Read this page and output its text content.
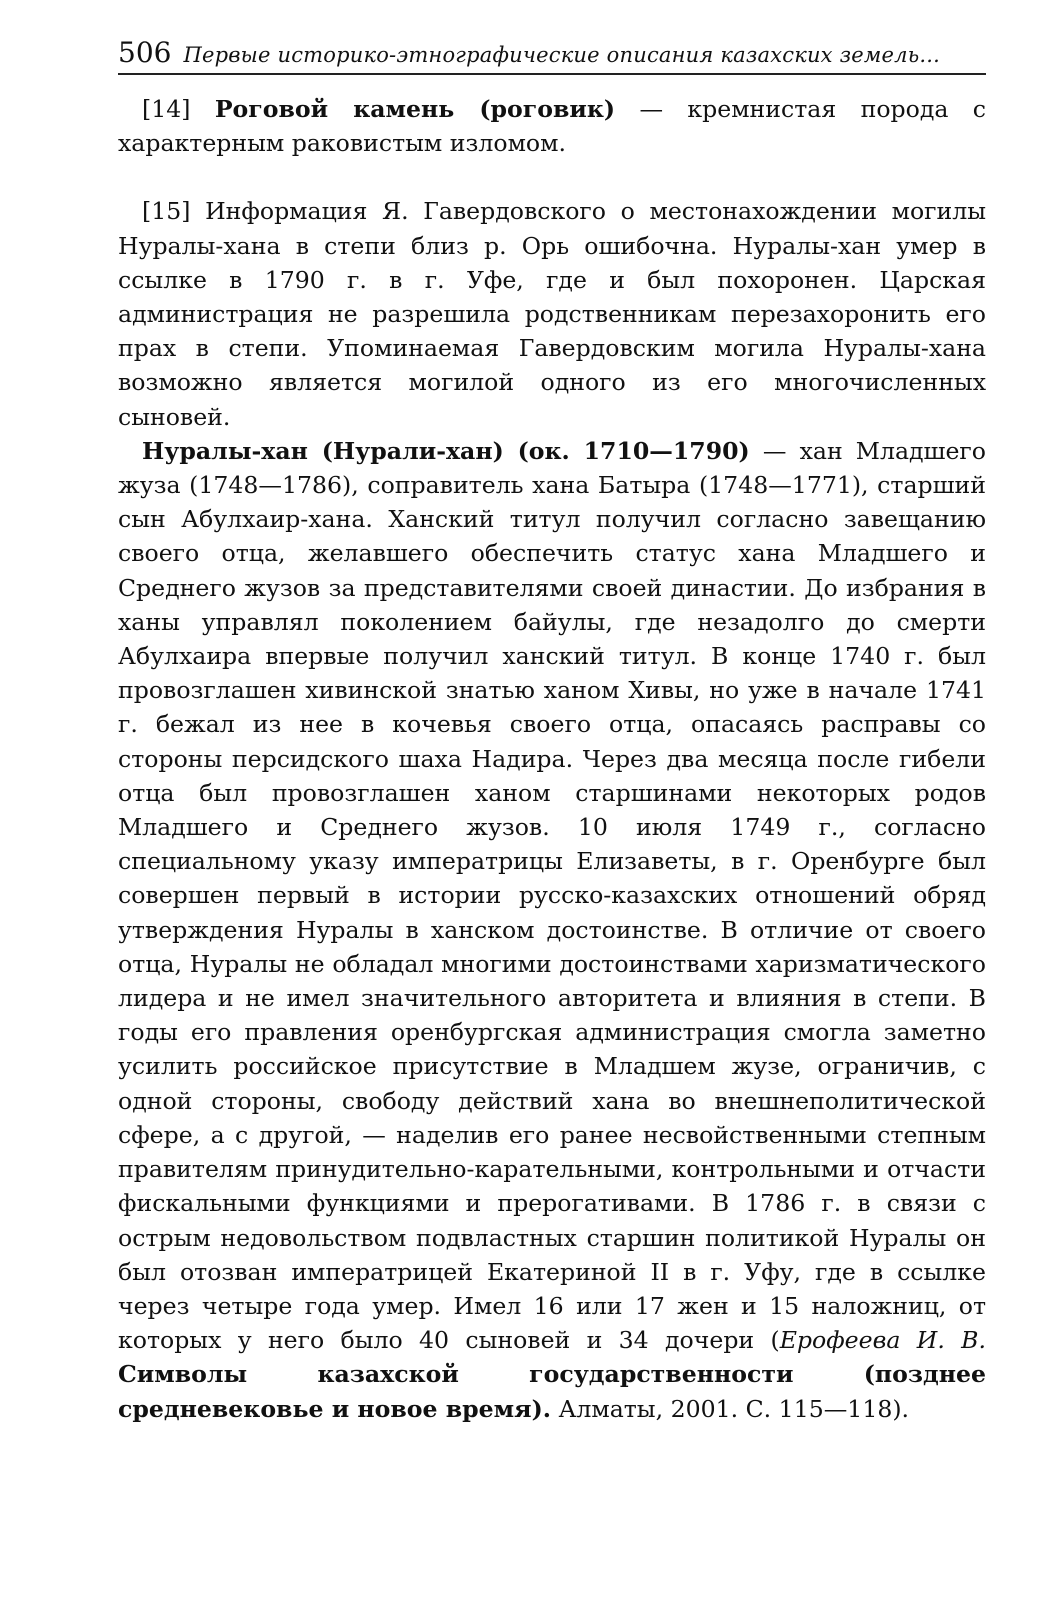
506 Первые историко-этнографические описания казахских земель...

[14] Роговой камень (роговик) — кремнистая порода с характерным раковистым изломом.

[15] Информация Я. Гавердовского о местонахождении могилы Нуралы-хана в степи близ р. Орь ошибочна. Нуралы-хан умер в ссылке в 1790 г. в г. Уфе, где и был похоронен. Царская администрация не разрешила родственникам перезахоронить его прах в степи. Упоминаемая Гавердовским могила Нуралы-хана возможно является могилой одного из его многочисленных сыновей.

Нуралы-хан (Нурали-хан) (ок. 1710—1790) — хан Младшего жуза (1748—1786), соправитель хана Батыра (1748—1771), старший сын Абулхаир-хана. Ханский титул получил согласно завещанию своего отца, желавшего обеспечить статус хана Младшего и Среднего жузов за представителями своей династии. До избрания в ханы управлял поколением байулы, где незадолго до смерти Абулхаира впервые получил ханский титул. В конце 1740 г. был провозглашен хивинской знатью ханом Хивы, но уже в начале 1741 г. бежал из нее в кочевья своего отца, опасаясь расправы со стороны персидского шаха Надира. Через два месяца после гибели отца был провозглашен ханом старшинами некоторых родов Младшего и Среднего жузов. 10 июля 1749 г., согласно специальному указу императрицы Елизаветы, в г. Оренбурге был совершен первый в истории русско-казахских отношений обряд утверждения Нуралы в ханском достоинстве. В отличие от своего отца, Нуралы не обладал многими достоинствами харизматического лидера и не имел значительного авторитета и влияния в степи. В годы его правления оренбургская администрация смогла заметно усилить российское присутствие в Младшем жузе, ограничив, с одной стороны, свободу действий хана во внешнеполитической сфере, а с другой, — наделив его ранее несвойственными степным правителям принудительно-карательными, контрольными и отчасти фискальными функциями и прерогативами. В 1786 г. в связи с острым недовольством подвластных старшин политикой Нуралы он был отозван императрицей Екатериной II в г. Уфу, где в ссылке через четыре года умер. Имел 16 или 17 жен и 15 наложниц, от которых у него было 40 сыновей и 34 дочери (Ерофеева И. В. Символы казахской государственности (позднее средневековье и новое время). Алматы, 2001. С. 115—118).
